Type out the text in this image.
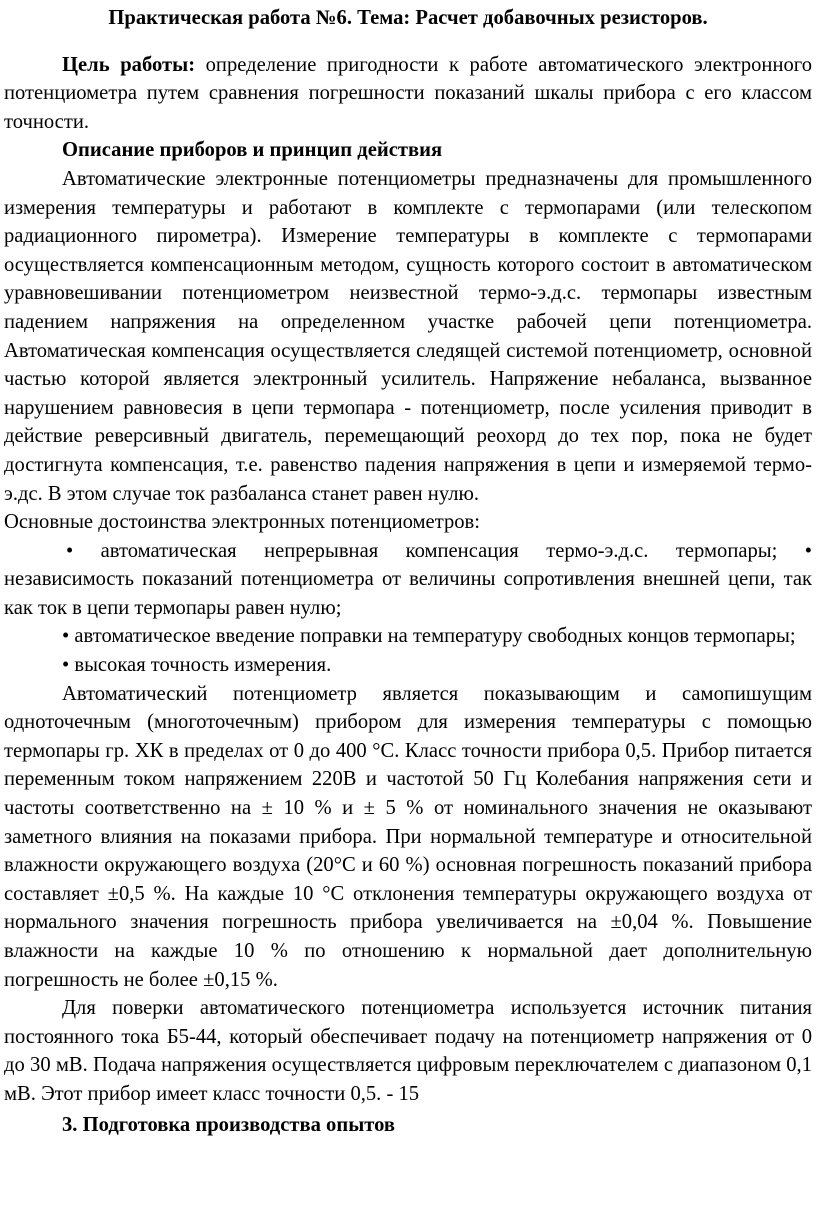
Практическая работа №6. Тема: Расчет добавочных резисторов.

Цель работы: определение пригодности к работе автоматического электронного потенциометра путем сравнения погрешности показаний шкалы прибора с его классом точности.

Описание приборов и принцип действия

Автоматические электронные потенциометры предназначены для промышленного измерения температуры и работают в комплекте с термопарами (или телескопом радиационного пирометра). Измерение температуры в комплекте с термопарами осуществляется компенсационным методом, сущность которого состоит в автоматическом уравновешивании потенциометром неизвестной термо-э.д.с. термопары известным падением напряжения на определенном участке рабочей цепи потенциометра. Автоматическая компенсация осуществляется следящей системой потенциометр, основной частью которой является электронный усилитель. Напряжение небаланса, вызванное нарушением равновесия в цепи термопара - потенциометр, после усиления приводит в действие реверсивный двигатель, перемещающий реохорд до тех пор, пока не будет достигнута компенсация, т.е. равенство падения напряжения в цепи и измеряемой термо-э.дс. В этом случае ток разбаланса станет равен нулю.

Основные достоинства электронных потенциометров:

• автоматическая непрерывная компенсация термо-э.д.с. термопары; • независимость показаний потенциометра от величины сопротивления внешней цепи, так как ток в цепи термопары равен нулю;

• автоматическое введение поправки на температуру свободных концов термопары;

• высокая точность измерения.

Автоматический потенциометр является показывающим и самопишущим одноточечным (многоточечным) прибором для измерения температуры с помощью термопары гр. ХК в пределах от 0 до 400 °С. Класс точности прибора 0,5. Прибор питается переменным током напряжением 220В и частотой 50 Гц Колебания напряжения сети и частоты соответственно на ± 10 % и ± 5 % от номинального значения не оказывают заметного влияния на показами прибора. При нормальной температуре и относительной влажности окружающего воздуха (20°С и 60 %) основная погрешность показаний прибора составляет ±0,5 %. На каждые 10 °С отклонения температуры окружающего воздуха от нормального значения погрешность прибора увеличивается на ±0,04 %. Повышение влажности на каждые 10 % по отношению к нормальной дает дополнительную погрешность не более ±0,15 %.

Для поверки автоматического потенциометра используется источник питания постоянного тока Б5-44, который обеспечивает подачу на потенциометр напряжения от 0 до 30 мВ. Подача напряжения осуществляется цифровым переключателем с диапазоном 0,1 мВ. Этот прибор имеет класс точности 0,5. - 15

3. Подготовка производства опытов
